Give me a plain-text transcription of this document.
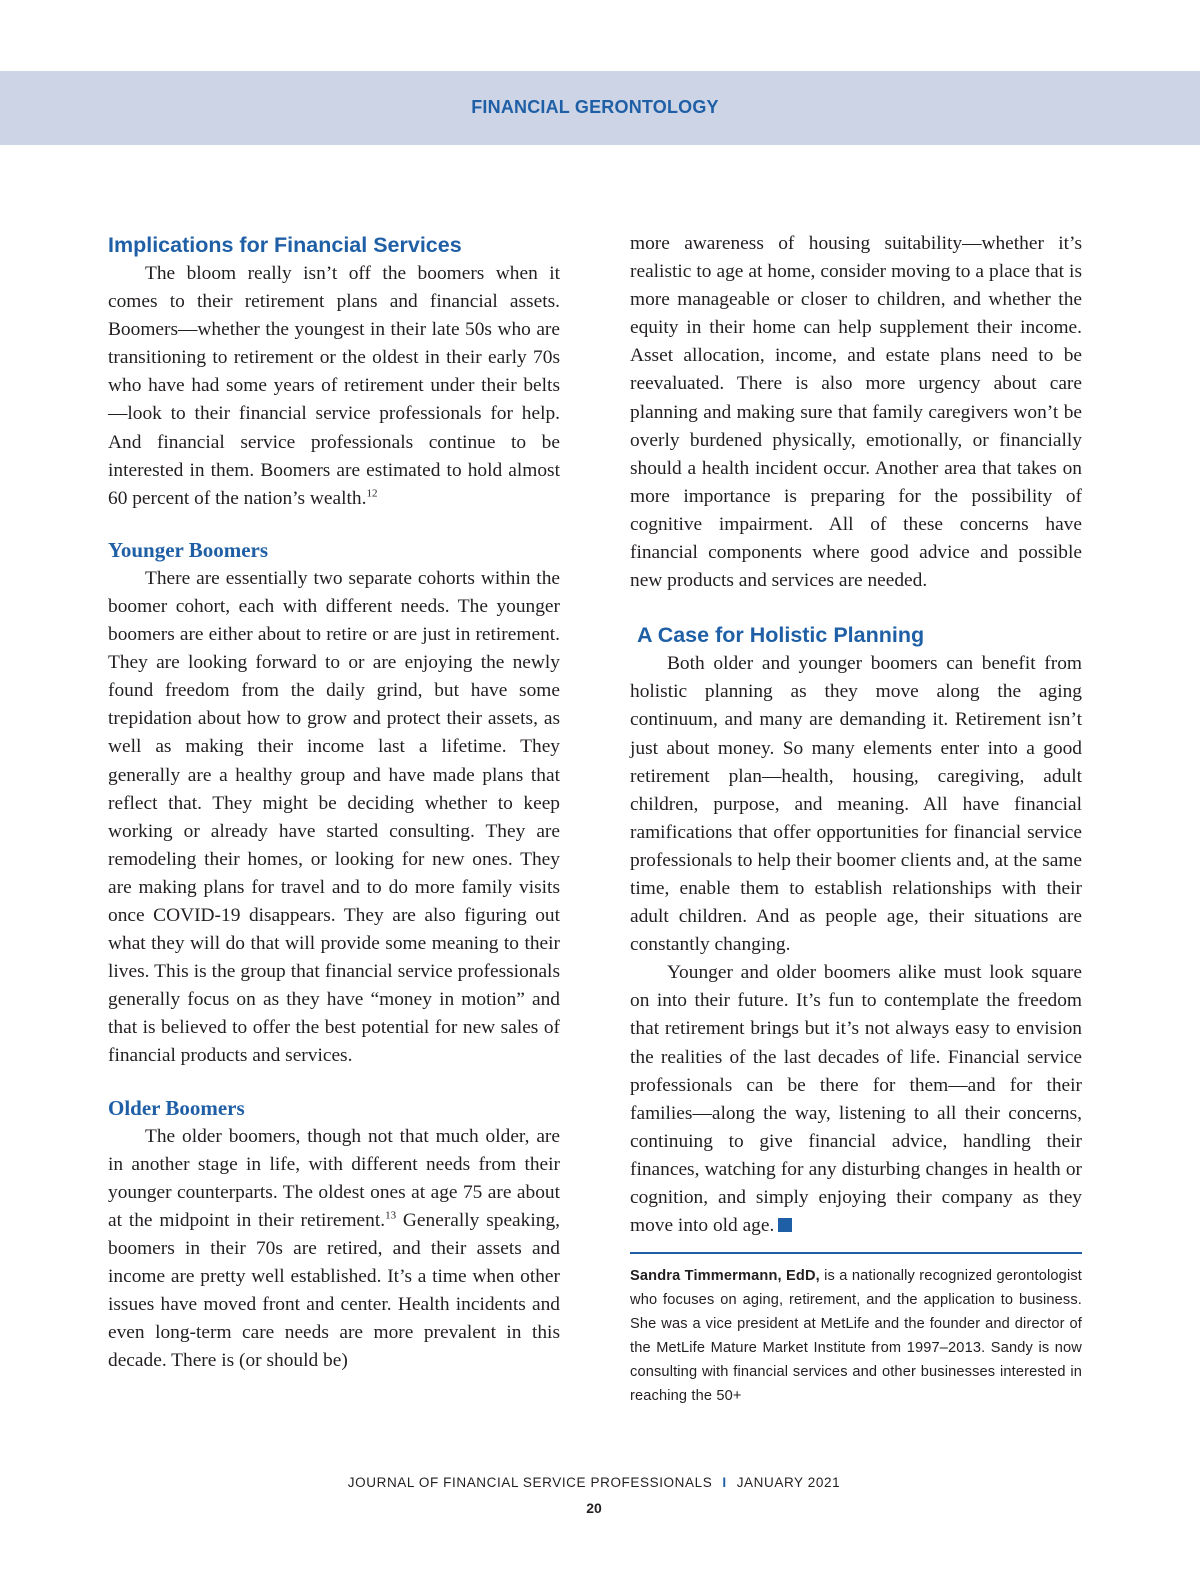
FINANCIAL GERONTOLOGY
Implications for Financial Services

The bloom really isn’t off the boomers when it comes to their retirement plans and financial assets. Boomers—whether the youngest in their late 50s who are transitioning to retirement or the oldest in their early 70s who have had some years of retirement under their belts—look to their financial service professionals for help. And financial service professionals continue to be interested in them. Boomers are estimated to hold almost 60 percent of the nation’s wealth.$^{12}$

Younger Boomers

There are essentially two separate cohorts within the boomer cohort, each with different needs. The younger boomers are either about to retire or are just in retirement. They are looking forward to or are enjoying the newly found freedom from the daily grind, but have some trepidation about how to grow and protect their assets, as well as making their income last a lifetime. They generally are a healthy group and have made plans that reflect that. They might be deciding whether to keep working or already have started consulting. They are remodeling their homes, or looking for new ones. They are making plans for travel and to do more family visits once COVID-19 disappears. They are also figuring out what they will do that will provide some meaning to their lives. This is the group that financial service professionals generally focus on as they have “money in motion” and that is believed to offer the best potential for new sales of financial products and services.

Older Boomers

The older boomers, though not that much older, are in another stage in life, with different needs from their younger counterparts. The oldest ones at age 75 are about at the midpoint in their retirement.$^{13}$ Generally speaking, boomers in their 70s are retired, and their assets and income are pretty well established. It’s a time when other issues have moved front and center. Health incidents and even long-term care needs are more prevalent in this decade. There is (or should be)

more awareness of housing suitability—whether it’s realistic to age at home, consider moving to a place that is more manageable or closer to children, and whether the equity in their home can help supplement their income. Asset allocation, income, and estate plans need to be reevaluated. There is also more urgency about care planning and making sure that family caregivers won’t be overly burdened physically, emotionally, or financially should a health incident occur. Another area that takes on more importance is preparing for the possibility of cognitive impairment. All of these concerns have financial components where good advice and possible new products and services are needed.

A Case for Holistic Planning

Both older and younger boomers can benefit from holistic planning as they move along the aging continuum, and many are demanding it. Retirement isn’t just about money. So many elements enter into a good retirement plan—health, housing, caregiving, adult children, purpose, and meaning. All have financial ramifications that offer opportunities for financial service professionals to help their boomer clients and, at the same time, enable them to establish relationships with their adult children. And as people age, their situations are constantly changing.

Younger and older boomers alike must look square on into their future. It’s fun to contemplate the freedom that retirement brings but it’s not always easy to envision the realities of the last decades of life. Financial service professionals can be there for them—and for their families—along the way, listening to all their concerns, continuing to give financial advice, handling their finances, watching for any disturbing changes in health or cognition, and simply enjoying their company as they move into old age.

Sandra Timmermann, EdD, is a nationally recognized gerontologist who focuses on aging, retirement, and the application to business. She was a vice president at MetLife and the founder and director of the MetLife Mature Market Institute from 1997–2013. Sandy is now consulting with financial services and other businesses interested in reaching the 50+

JOURNAL OF FINANCIAL SERVICE PROFESSIONALS I JANUARY 2021
20
